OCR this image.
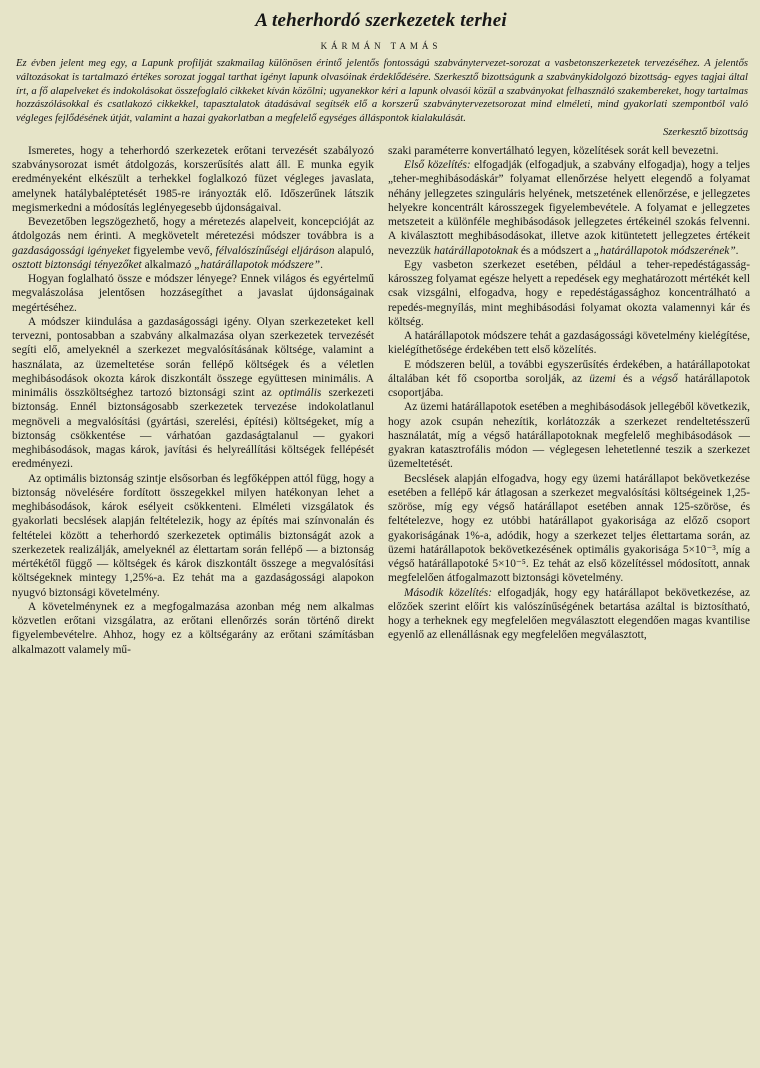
A teherhordó szerkezetek terhei
KÁRMÁN TAMÁS
Ez évben jelent meg egy, a Lapunk profilját szakmailag különösen érintő jelentős fontosságú szabványtervezet-sorozat a vasbetonszerkezetek tervezéséhez. A jelentős változásokat is tartalmazó értékes sorozat joggal tarthat igényt lapunk olvasóinak érdeklődésére. Szerkesztő bizottságunk a szabványkidolgozó bizottság- egyes tagjai által írt, a fő alapelveket és indokolásokat összefoglaló cikkeket kíván közölni; ugyanekkor kéri a lapunk olvasói közül a szabványokat felhasználó szakembereket, hogy tartalmas hozzászólásokkal és csatlakozó cikkekkel, tapasztalatok átadásával segítsék elő a korszerű szabványtervezetsorozat mind elméleti, mind gyakorlati szempontból való végleges fejlődésének útját, valamint a hazai gyakorlatban a megfelelő egységes álláspontok kialakulását.
Szerkesztő bizottság

Ismeretes, hogy a teherhordó szerkezetek erőtani tervezését szabályozó szabványsorozat ismét átdolgozás, korszerűsítés alatt áll. E munka egyik eredményeként elkészült a terhekkel foglalkozó füzet végleges javaslata, amelynek hatálybaléptetését 1985-re irányozták elő. Időszerűnek látszik megismerkedni a módosítás leglényegesebb újdonságaival.

Bevezetőben legszögezhető, hogy a méretezés alapelveit, koncepcióját az átdolgozás nem érinti. A megkövetelt méretezési módszer továbbra is a gazdaságossági igényeket figyelembe vevő, félvalószínűségi eljáráson alapuló, osztott biztonsági tényezőket alkalmazó „határállapotok módszere”.

Hogyan foglalható össze e módszer lényege? Ennek világos és egyértelmű megvalászolása jelentősen hozzásegíthet a javaslat újdonságainak megértéséhez.

A módszer kiindulása a gazdaságossági igény. Olyan szerkezeteket kell tervezni, pontosabban a szabvány alkalmazása olyan szerkezetek tervezését segíti elő, amelyeknél a szerkezet megvalósításának költsége, valamint a használata, az üzemeltetése során fellépő költségek és a véletlen meghibásodások okozta károk diszkontált összege együttesen minimális. A minimális összköltséghez tartozó biztonsági szint az optimális szerkezeti biztonság. Ennél biztonságosabb szerkezetek tervezése indokolatlanul megnöveli a megvalósítási (gyártási, szerelési, építési) költségeket, míg a biztonság csökkentése — várhatóan gazdaságtalanul — gyakori meghibásodások, magas károk, javítási és helyreállítási költségek fellépését eredményezi.

Az optimális biztonság szintje elsősorban és legfőképpen attól függ, hogy a biztonság növelésére fordított összegekkel milyen hatékonyan lehet a meghibásodások, károk esélyeit csökkenteni. Elméleti vizsgálatok és gyakorlati becslések alapján feltételezik, hogy az építés mai színvonalán és feltételei között a teherhordó szerkezetek optimális biztonságát azok a szerkezetek realizálják, amelyeknél az élettartam során fellépő — a biztonság mértékétől függő — költségek és károk diszkontált összege a megvalósítási költségeknek mintegy 1,25%-a. Ez tehát ma a gazdaságossági alapokon nyugvó biztonsági követelmény.

A követelménynek ez a megfogalmazása azonban még nem alkalmas közvetlen erőtani vizsgálatra, az erőtani ellenőrzés során történő direkt figyelembevételre. Ahhoz, hogy ez a költségarány az erőtani számításban alkalmazott valamely mű-

szaki paraméterre konvertálható legyen, közelítések sorát kell bevezetni.

Első közelítés: elfogadják (elfogadjuk, a szabvány elfogadja), hogy a teljes „teher-meghibásodáskár” folyamat ellenőrzése helyett elegendő a folyamat néhány jellegzetes szinguláris helyének, metszetének ellenőrzése, e jellegzetes helyekre koncentrált károsszegek figyelembevétele. A folyamat e jellegzetes metszeteit a különféle meghibásodások jellegzetes értékeinél szokás felvenni. A kiválasztott meghibásodásokat, illetve azok kitüntetett jellegzetes értékeit nevezzük határállapotoknak és a módszert a „határállapotok módszerének”.

Egy vasbeton szerkezet esetében, például a teher-repedéstágasság-károsszeg folyamat egésze helyett a repedések egy meghatározott mértékét kell csak vizsgálni, elfogadva, hogy e repedéstágassághoz koncentrálható a repedés-megnyílás, mint meghibásodási folyamat okozta valamennyi kár és költség.

A határállapotok módszere tehát a gazdaságossági követelmény kielégítése, kielégíthetősége érdekében tett első közelítés.

E módszeren belül, a további egyszerűsítés érdekében, a határállapotokat általában két fő csoportba sorolják, az üzemi és a végső határállapotok csoportjába.

Az üzemi határállapotok esetében a meghibásodások jellegéből következik, hogy azok csupán nehezítik, korlátozzák a szerkezet rendeltetésszerű használatát, míg a végső határállapotoknak megfelelő meghibásodások — gyakran katasztrofális módon — véglegesen lehetetlenné teszik a szerkezet üzemeltetését.

Becslések alapján elfogadva, hogy egy üzemi határállapot bekövetkezése esetében a fellépő kár átlagosan a szerkezet megvalósítási költségeinek 1,25-szöröse, míg egy végső határállapot esetében annak 125-szöröse, és feltételezve, hogy ez utóbbi határállapot gyakorisága az előző csoport gyakoriságának 1%-a, adódik, hogy a szerkezet teljes élettartama során, az üzemi határállapotok bekövetkezésének optimális gyakorisága 5×10⁻³, míg a végső határállapotoké 5×10⁻⁵. Ez tehát az első közelítéssel módosított, annak megfelelően átfogalmazott biztonsági követelmény.

Második közelítés: elfogadják, hogy egy határállapot bekövetkezése, az előzőek szerint előírt kis valószínűségének betartása azáltal is biztosítható, hogy a terheknek egy megfelelően megválasztott elegendően magas kvantilise egyenlő az ellenállásnak egy megfelelően megválasztott,
